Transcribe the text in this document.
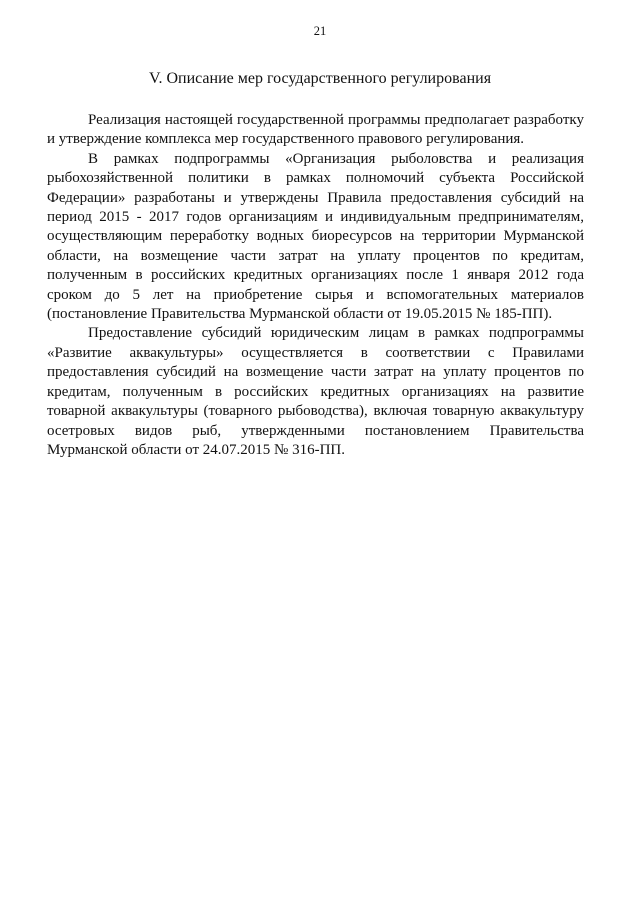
21
V. Описание мер государственного регулирования

Реализация настоящей государственной программы предполагает разработку и утверждение комплекса мер государственного правового регулирования.

В рамках подпрограммы «Организация рыболовства и реализация рыбохозяйственной политики в рамках полномочий субъекта Российской Федерации» разработаны и утверждены Правила предоставления субсидий на период 2015 - 2017 годов организациям и индивидуальным предпринимателям, осуществляющим переработку водных биоресурсов на территории Мурманской области, на возмещение части затрат на уплату процентов по кредитам, полученным в российских кредитных организациях после 1 января 2012 года сроком до 5 лет на приобретение сырья и вспомогательных материалов (постановление Правительства Мурманской области от 19.05.2015 № 185-ПП).

Предоставление субсидий юридическим лицам в рамках подпрограммы «Развитие аквакультуры» осуществляется в соответствии с Правилами предоставления субсидий на возмещение части затрат на уплату процентов по кредитам, полученным в российских кредитных организациях на развитие товарной аквакультуры (товарного рыбоводства), включая товарную аквакультуру осетровых видов рыб, утвержденными постановлением Правительства Мурманской области от 24.07.2015 № 316-ПП.
